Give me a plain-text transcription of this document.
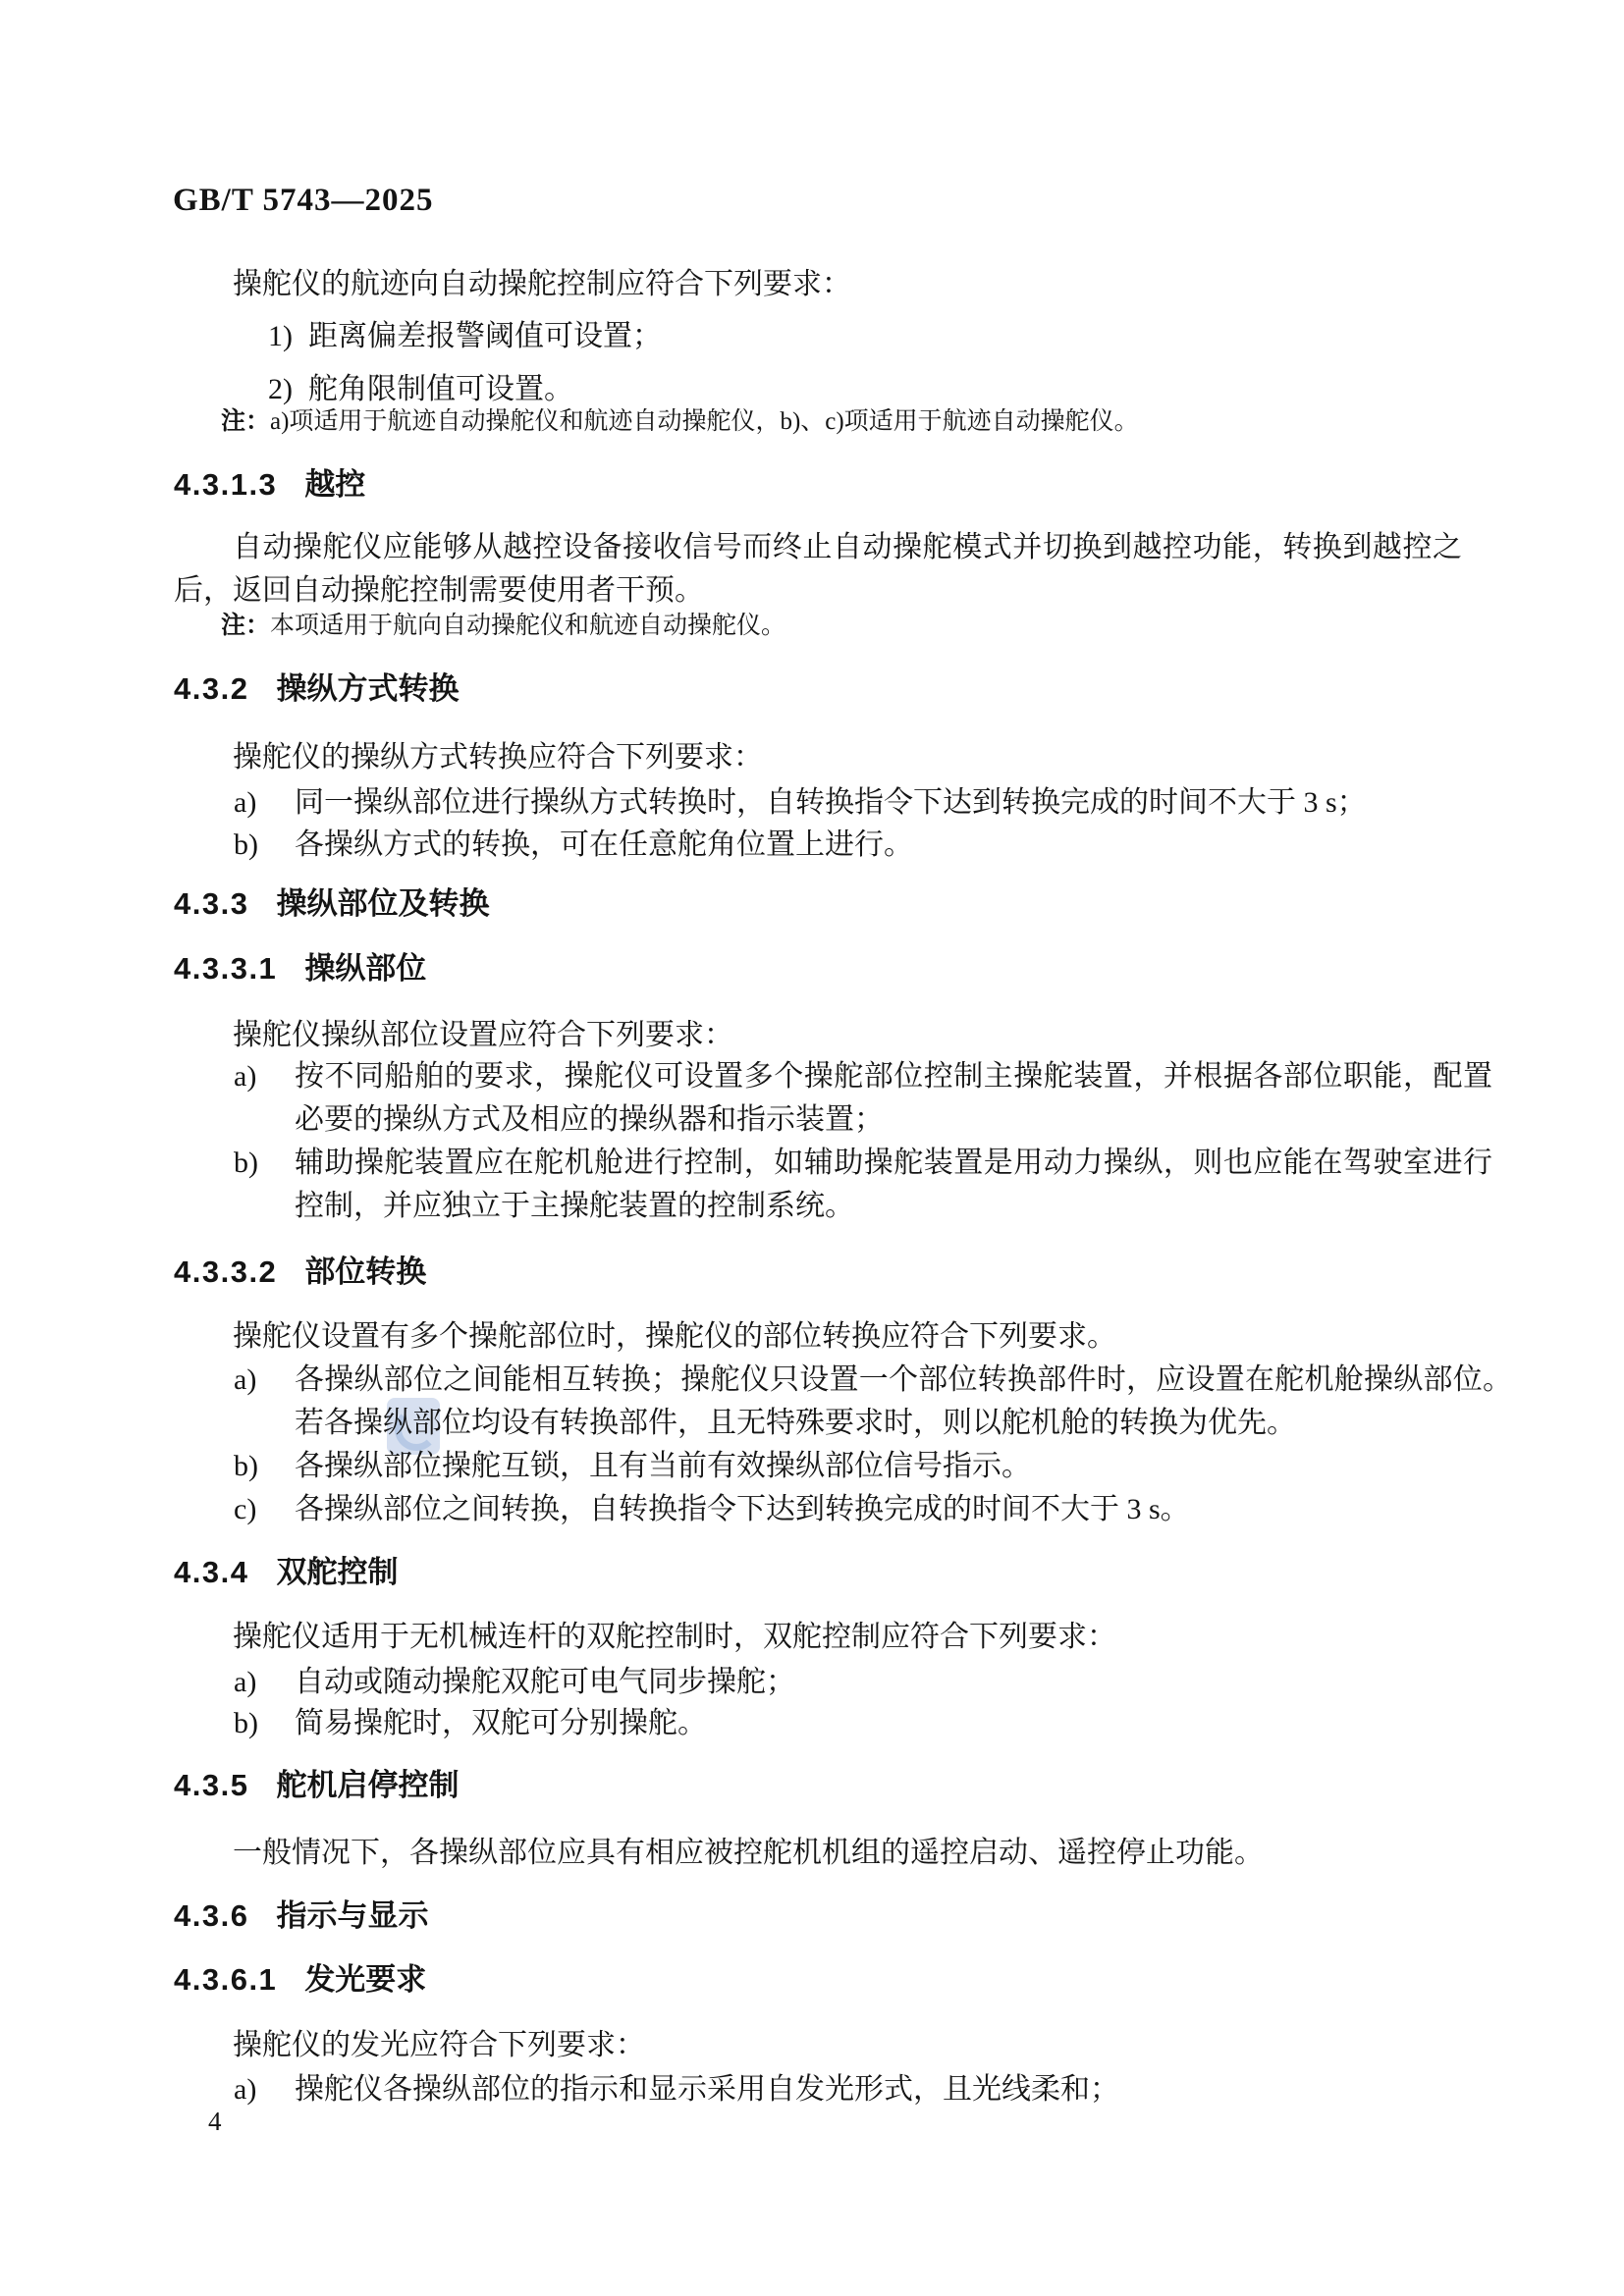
GB/T 5743—2025
操舵仪的航迹向自动操舵控制应符合下列要求：
1) 距离偏差报警阈值可设置；
2) 舵角限制值可设置。
注：a)项适用于航迹自动操舵仪和航迹自动操舵仪，b)、c)项适用于航迹自动操舵仪。
4.3.1.3 越控
自动操舵仪应能够从越控设备接收信号而终止自动操舵模式并切换到越控功能，转换到越控之后，返回自动操舵控制需要使用者干预。
注：本项适用于航向自动操舵仪和航迹自动操舵仪。
4.3.2 操纵方式转换
操舵仪的操纵方式转换应符合下列要求：
a)	同一操纵部位进行操纵方式转换时，自转换指令下达到转换完成的时间不大于 3 s；
b)	各操纵方式的转换，可在任意舵角位置上进行。
4.3.3 操纵部位及转换
4.3.3.1 操纵部位
操舵仪操纵部位设置应符合下列要求：
a)	按不同船舶的要求，操舵仪可设置多个操舵部位控制主操舵装置，并根据各部位职能，配置必要的操纵方式及相应的操纵器和指示装置；
b)	辅助操舵装置应在舵机舱进行控制，如辅助操舵装置是用动力操纵，则也应能在驾驶室进行控制，并应独立于主操舵装置的控制系统。
4.3.3.2 部位转换
操舵仪设置有多个操舵部位时，操舵仪的部位转换应符合下列要求。
a)	各操纵部位之间能相互转换；操舵仪只设置一个部位转换部件时，应设置在舵机舱操纵部位。若各操纵部位均设有转换部件，且无特殊要求时，则以舵机舱的转换为优先。
b)	各操纵部位操舵互锁，且有当前有效操纵部位信号指示。
c)	各操纵部位之间转换，自转换指令下达到转换完成的时间不大于 3 s。
4.3.4 双舵控制
操舵仪适用于无机械连杆的双舵控制时，双舵控制应符合下列要求：
a)	自动或随动操舵双舵可电气同步操舵；
b)	简易操舵时，双舵可分别操舵。
4.3.5 舵机启停控制
一般情况下，各操纵部位应具有相应被控舵机机组的遥控启动、遥控停止功能。
4.3.6 指示与显示
4.3.6.1 发光要求
操舵仪的发光应符合下列要求：
a)	操舵仪各操纵部位的指示和显示采用自发光形式，且光线柔和；
4
